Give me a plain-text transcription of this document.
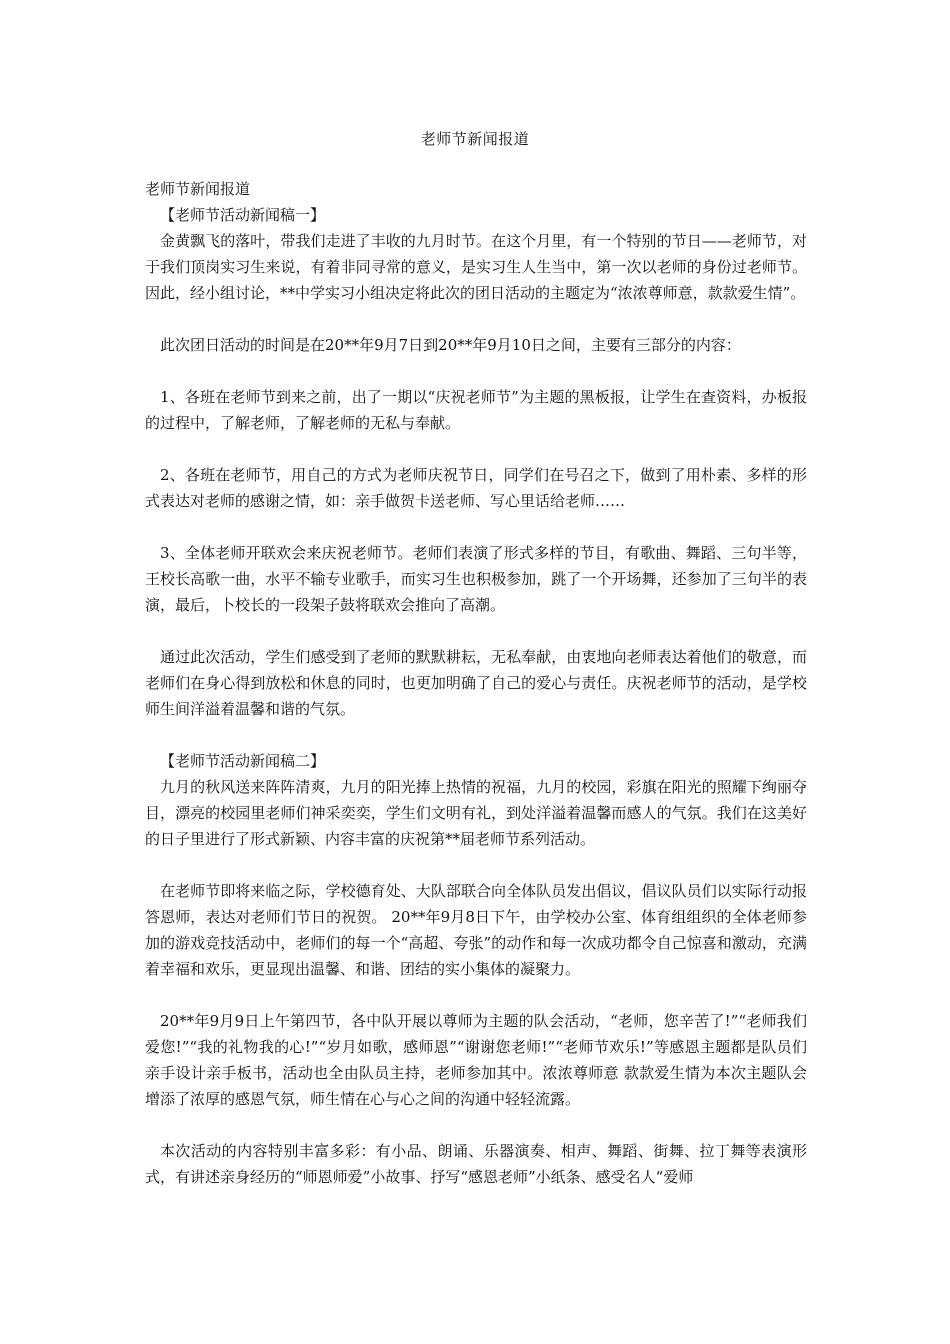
老师节新闻报道

老师节新闻报道

【老师节活动新闻稿一】

金黄飘飞的落叶，带我们走进了丰收的九月时节。在这个月里，有一个特别的节日——老师节，对于我们顶岗实习生来说，有着非同寻常的意义，是实习生人生当中，第一次以老师的身份过老师节。因此，经小组讨论，**中学实习小组决定将此次的团日活动的主题定为“浓浓尊师意，款款爱生情”。

此次团日活动的时间是在20**年9月7日到20**年9月10日之间，主要有三部分的内容：

1、各班在老师节到来之前，出了一期以“庆祝老师节”为主题的黑板报，让学生在查资料，办板报的过程中，了解老师，了解老师的无私与奉献。

2、各班在老师节，用自己的方式为老师庆祝节日，同学们在号召之下，做到了用朴素、多样的形式表达对老师的感谢之情，如：亲手做贺卡送老师、写心里话给老师……

3、全体老师开联欢会来庆祝老师节。老师们表演了形式多样的节目，有歌曲、舞蹈、三句半等，王校长高歌一曲，水平不输专业歌手，而实习生也积极参加，跳了一个开场舞，还参加了三句半的表演，最后，卜校长的一段架子鼓将联欢会推向了高潮。

通过此次活动，学生们感受到了老师的默默耕耘，无私奉献，由衷地向老师表达着他们的敬意，而老师们在身心得到放松和休息的同时，也更加明确了自己的爱心与责任。庆祝老师节的活动，是学校师生间洋溢着温馨和谐的气氛。

【老师节活动新闻稿二】

九月的秋风送来阵阵清爽，九月的阳光捧上热情的祝福，九月的校园，彩旗在阳光的照耀下绚丽夺目，漂亮的校园里老师们神采奕奕，学生们文明有礼，到处洋溢着温馨而感人的气氛。我们在这美好的日子里进行了形式新颖、内容丰富的庆祝第**届老师节系列活动。

在老师节即将来临之际，学校德育处、大队部联合向全体队员发出倡议，倡议队员们以实际行动报答恩师，表达对老师们节日的祝贺。 20**年9月8日下午，由学校办公室、体育组组织的全体老师参加的游戏竞技活动中，老师们的每一个“高超、夸张”的动作和每一次成功都令自己惊喜和激动，充满着幸福和欢乐，更显现出温馨、和谐、团结的实小集体的凝聚力。

20**年9月9日上午第四节，各中队开展以尊师为主题的队会活动，“老师，您辛苦了!”“老师我们爱您!”“我的礼物我的心!”“岁月如歌，感师恩”“谢谢您老师!”“老师节欢乐!”等感恩主题都是队员们亲手设计亲手板书，活动也全由队员主持，老师参加其中。浓浓尊师意 款款爱生情为本次主题队会增添了浓厚的感恩气氛，师生情在心与心之间的沟通中轻轻流露。

本次活动的内容特别丰富多彩：有小品、朗诵、乐器演奏、相声、舞蹈、街舞、拉丁舞等表演形式，有讲述亲身经历的“师恩师爱”小故事、抒写“感恩老师”小纸条、感受名人“爱师
